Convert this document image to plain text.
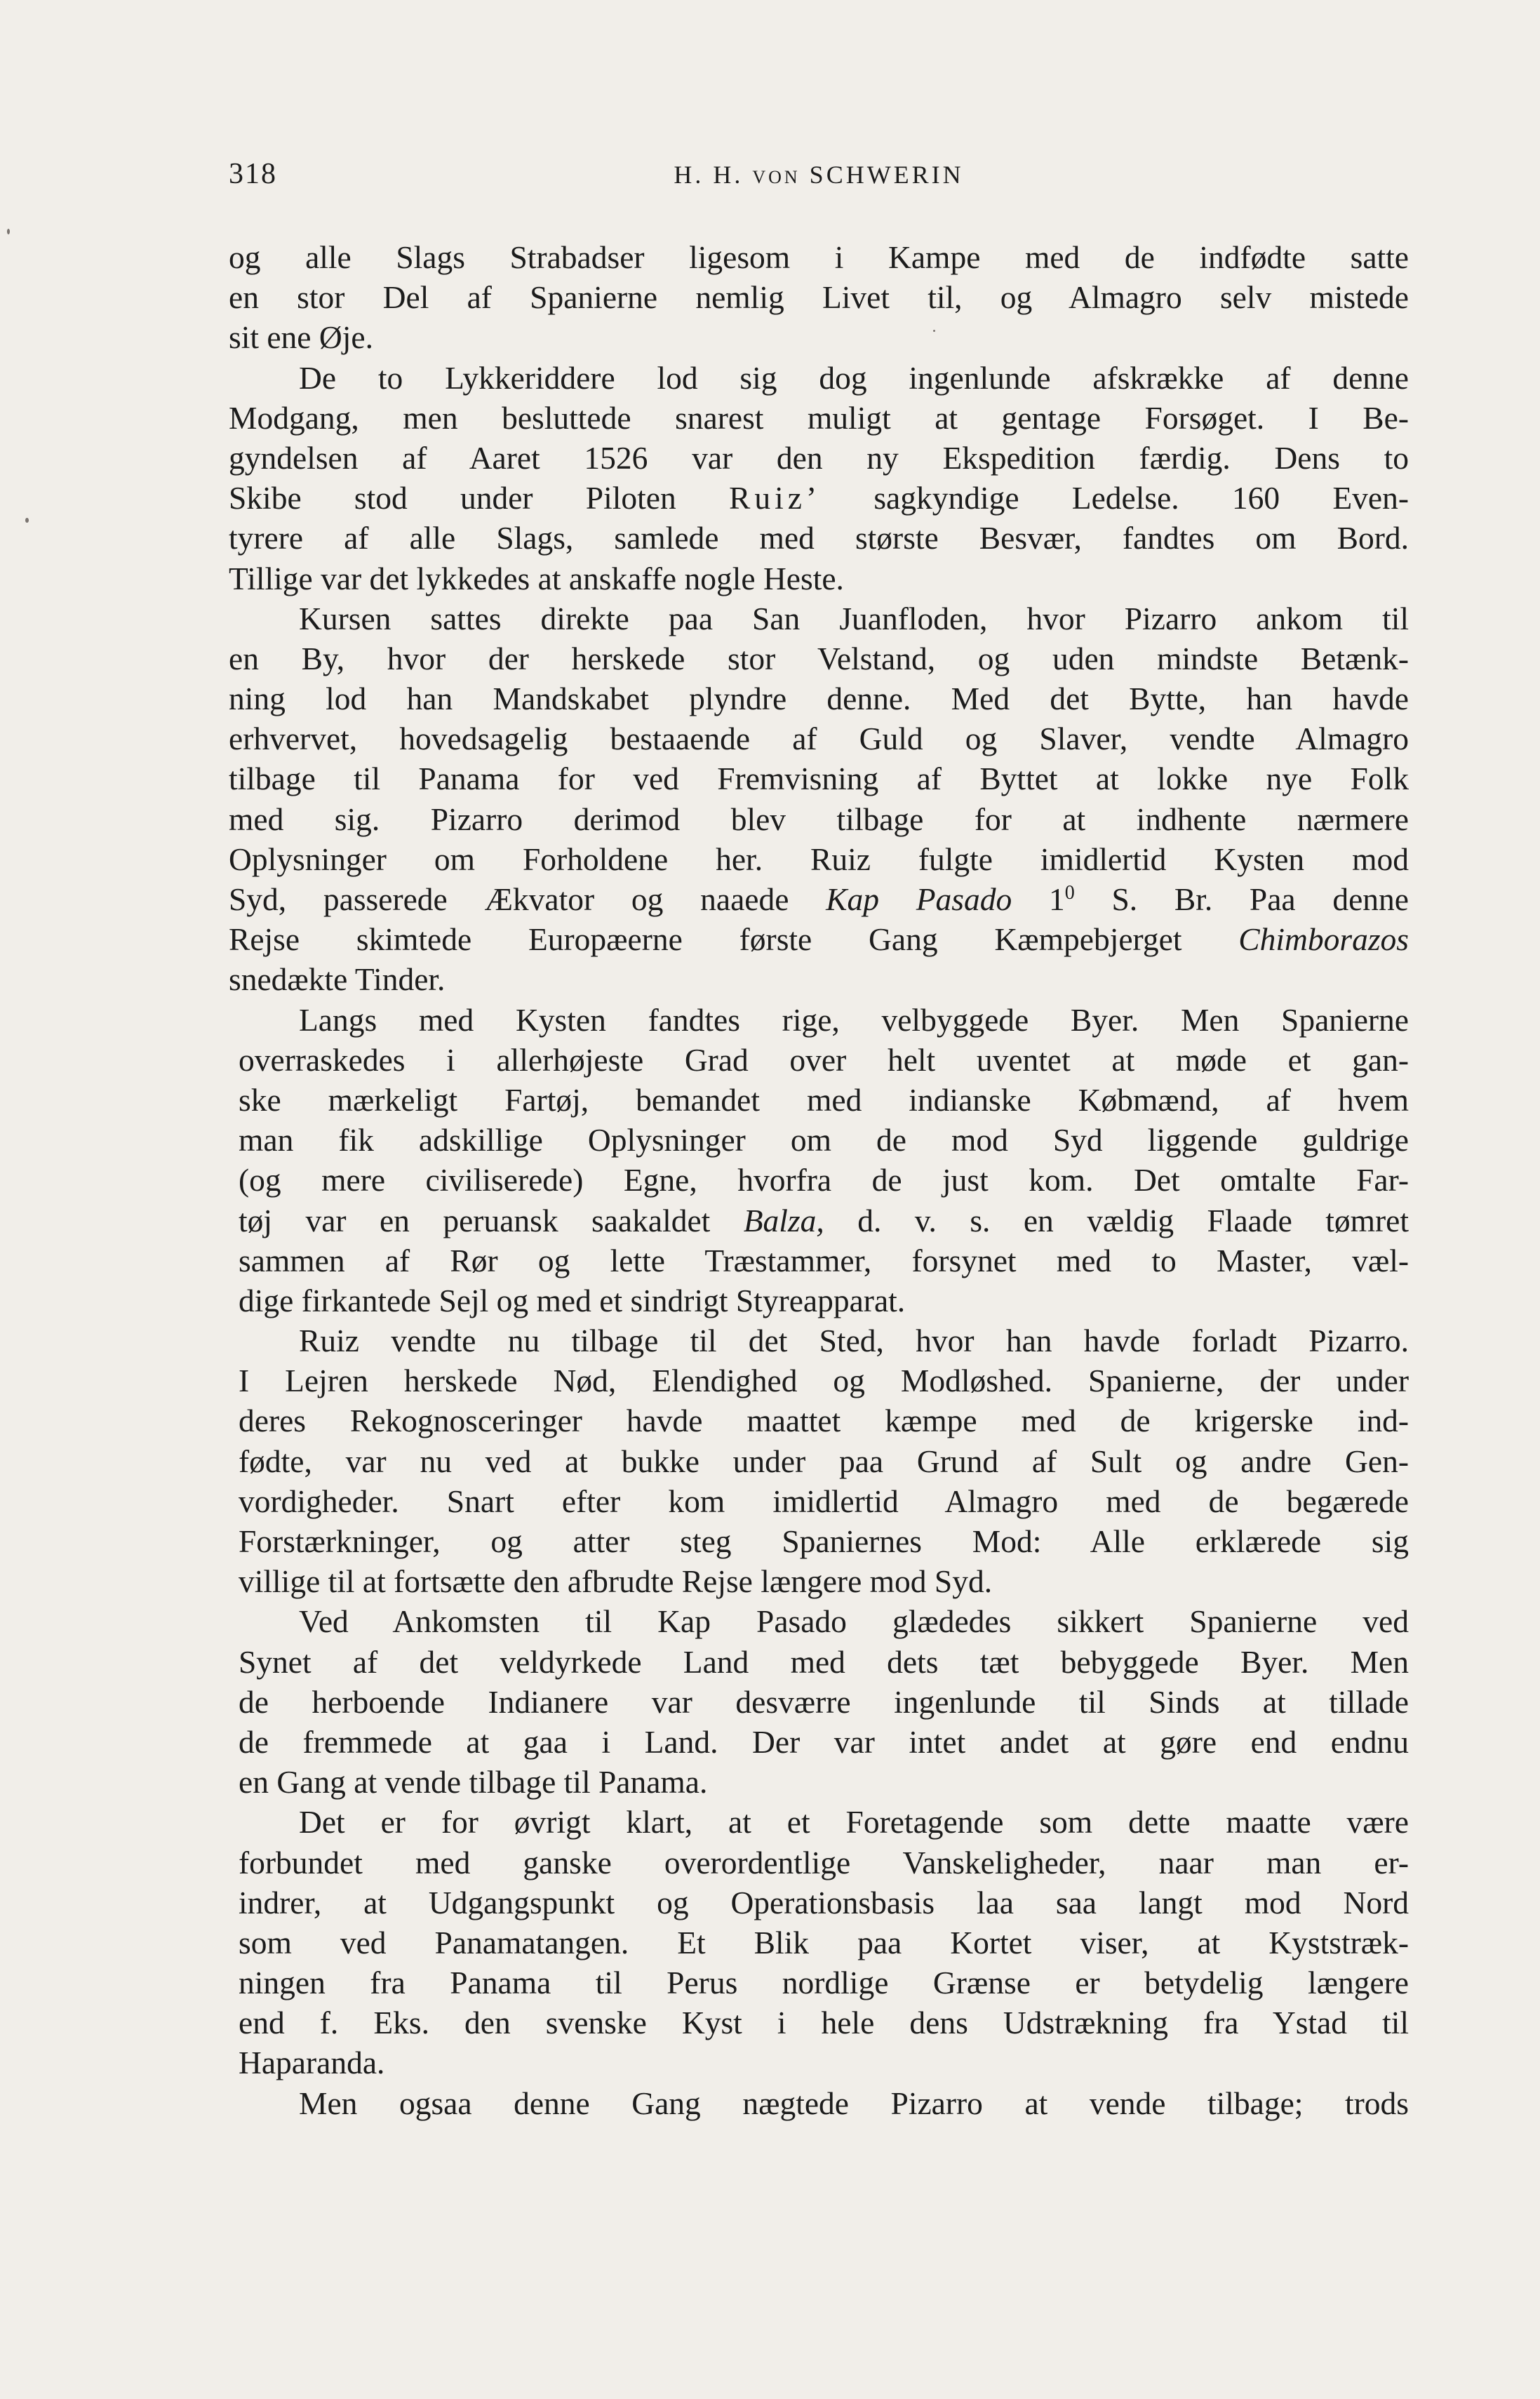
318	H. H. VON SCHWERIN
og alle Slags Strabadser ligesom i Kampe med de indfødte satte
en stor Del af Spanierne nemlig Livet til, og Almagro selv mistede
sit ene Øje.
De to Lykkeriddere lod sig dog ingenlunde afskrække af denne
Modgang, men besluttede snarest muligt at gentage Forsøget. I Be-
gyndelsen af Aaret 1526 var den ny Ekspedition færdig. Dens to
Skibe stod under Piloten Ruiz’ sagkyndige Ledelse. 160 Even-
tyrere af alle Slags, samlede med største Besvær, fandtes om Bord.
Tillige var det lykkedes at anskaffe nogle Heste.
Kursen sattes direkte paa San Juanfloden, hvor Pizarro ankom til
en By, hvor der herskede stor Velstand, og uden mindste Betænk-
ning lod han Mandskabet plyndre denne. Med det Bytte, han havde
erhvervet, hovedsagelig bestaaende af Guld og Slaver, vendte Almagro
tilbage til Panama for ved Fremvisning af Byttet at lokke nye Folk
med sig. Pizarro derimod blev tilbage for at indhente nærmere
Oplysninger om Forholdene her. Ruiz fulgte imidlertid Kysten mod
Syd, passerede Ækvator og naaede Kap Pasado $1^0$ S. Br. Paa denne
Rejse skimtede Europæerne første Gang Kæmpebjerget Chimborazos
snedækte Tinder.
Langs med Kysten fandtes rige, velbyggede Byer. Men Spanierne
overraskedes i allerhøjeste Grad over helt uventet at møde et gan-
ske mærkeligt Fartøj, bemandet med indianske Købmænd, af hvem
man fik adskillige Oplysninger om de mod Syd liggende guldrige
(og mere civiliserede) Egne, hvorfra de just kom. Det omtalte Far-
tøj var en peruansk saakaldet Balza, d. v. s. en vældig Flaade tømret
sammen af Rør og lette Træstammer, forsynet med to Master, væl-
dige firkantede Sejl og med et sindrigt Styreapparat.
Ruiz vendte nu tilbage til det Sted, hvor han havde forladt Pizarro.
I Lejren herskede Nød, Elendighed og Modløshed. Spanierne, der under
deres Rekognosceringer havde maattet kæmpe med de krigerske ind-
fødte, var nu ved at bukke under paa Grund af Sult og andre Gen-
vordigheder. Snart efter kom imidlertid Almagro med de begærede
Forstærkninger, og atter steg Spaniernes Mod: Alle erklærede sig
villige til at fortsætte den afbrudte Rejse længere mod Syd.
Ved Ankomsten til Kap Pasado glædedes sikkert Spanierne ved
Synet af det veldyrkede Land med dets tæt bebyggede Byer. Men
de herboende Indianere var desværre ingenlunde til Sinds at tillade
de fremmede at gaa i Land. Der var intet andet at gøre end endnu
en Gang at vende tilbage til Panama.
Det er for øvrigt klart, at et Foretagende som dette maatte være
forbundet med ganske overordentlige Vanskeligheder, naar man er-
indrer, at Udgangspunkt og Operationsbasis laa saa langt mod Nord
som ved Panamatangen. Et Blik paa Kortet viser, at Kyststræk-
ningen fra Panama til Perus nordlige Grænse er betydelig længere
end f. Eks. den svenske Kyst i hele dens Udstrækning fra Ystad til
Haparanda.
Men ogsaa denne Gang nægtede Pizarro at vende tilbage; trods
